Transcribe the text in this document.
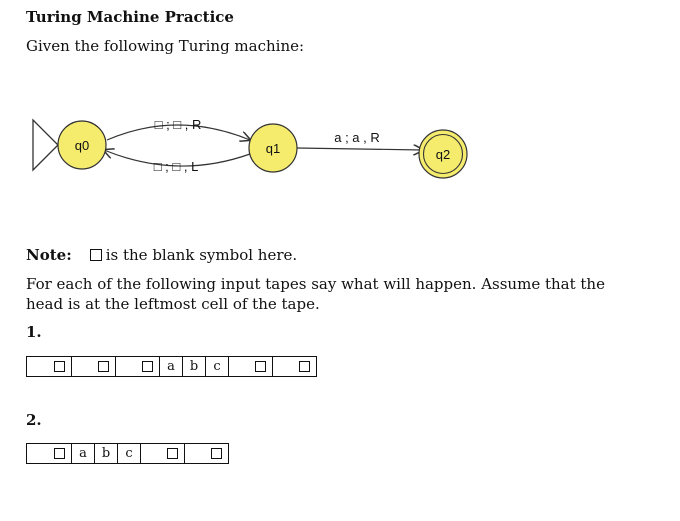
Turing Machine Practice
Given the following Turing machine:
q0	q1	q2
□ ; □ , R
□ ; □ , L
a ; a , R
Note: is the blank symbol here.
For each of the following input tapes say what will happen. Assume that the head is at the leftmost cell of the tape.
1.
a	b	c
2.
a	b	c
